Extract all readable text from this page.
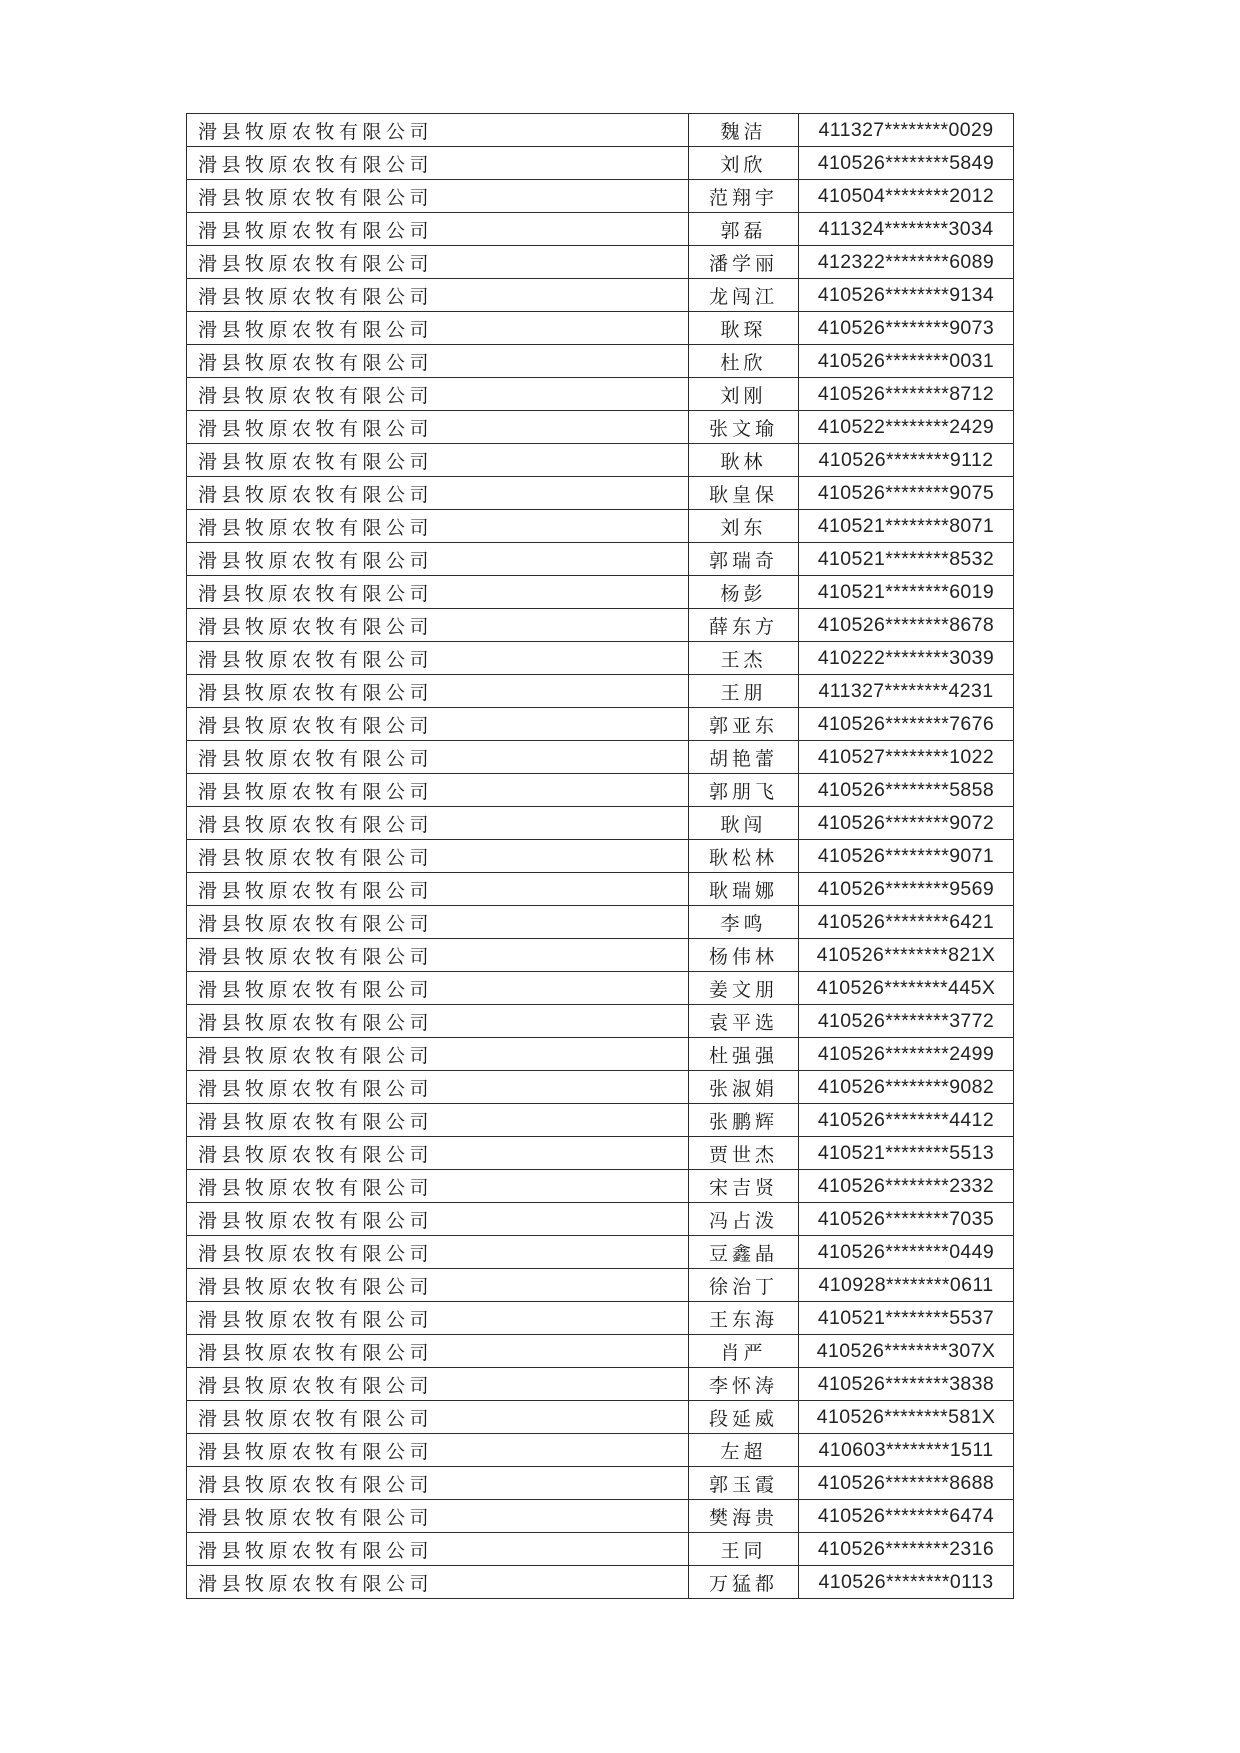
滑县牧原农牧有限公司	魏洁	411327********0029
滑县牧原农牧有限公司	刘欣	410526********5849
滑县牧原农牧有限公司	范翔宇	410504********2012
滑县牧原农牧有限公司	郭磊	411324********3034
滑县牧原农牧有限公司	潘学丽	412322********6089
滑县牧原农牧有限公司	龙闯江	410526********9134
滑县牧原农牧有限公司	耿琛	410526********9073
滑县牧原农牧有限公司	杜欣	410526********0031
滑县牧原农牧有限公司	刘刚	410526********8712
滑县牧原农牧有限公司	张文瑜	410522********2429
滑县牧原农牧有限公司	耿林	410526********9112
滑县牧原农牧有限公司	耿皇保	410526********9075
滑县牧原农牧有限公司	刘东	410521********8071
滑县牧原农牧有限公司	郭瑞奇	410521********8532
滑县牧原农牧有限公司	杨彭	410521********6019
滑县牧原农牧有限公司	薛东方	410526********8678
滑县牧原农牧有限公司	王杰	410222********3039
滑县牧原农牧有限公司	王朋	411327********4231
滑县牧原农牧有限公司	郭亚东	410526********7676
滑县牧原农牧有限公司	胡艳蕾	410527********1022
滑县牧原农牧有限公司	郭朋飞	410526********5858
滑县牧原农牧有限公司	耿闯	410526********9072
滑县牧原农牧有限公司	耿松林	410526********9071
滑县牧原农牧有限公司	耿瑞娜	410526********9569
滑县牧原农牧有限公司	李鸣	410526********6421
滑县牧原农牧有限公司	杨伟林	410526********821X
滑县牧原农牧有限公司	姜文朋	410526********445X
滑县牧原农牧有限公司	袁平选	410526********3772
滑县牧原农牧有限公司	杜强强	410526********2499
滑县牧原农牧有限公司	张淑娟	410526********9082
滑县牧原农牧有限公司	张鹏辉	410526********4412
滑县牧原农牧有限公司	贾世杰	410521********5513
滑县牧原农牧有限公司	宋吉贤	410526********2332
滑县牧原农牧有限公司	冯占泼	410526********7035
滑县牧原农牧有限公司	豆鑫晶	410526********0449
滑县牧原农牧有限公司	徐治丁	410928********0611
滑县牧原农牧有限公司	王东海	410521********5537
滑县牧原农牧有限公司	肖严	410526********307X
滑县牧原农牧有限公司	李怀涛	410526********3838
滑县牧原农牧有限公司	段延威	410526********581X
滑县牧原农牧有限公司	左超	410603********1511
滑县牧原农牧有限公司	郭玉霞	410526********8688
滑县牧原农牧有限公司	樊海贵	410526********6474
滑县牧原农牧有限公司	王同	410526********2316
滑县牧原农牧有限公司	万猛都	410526********0113
